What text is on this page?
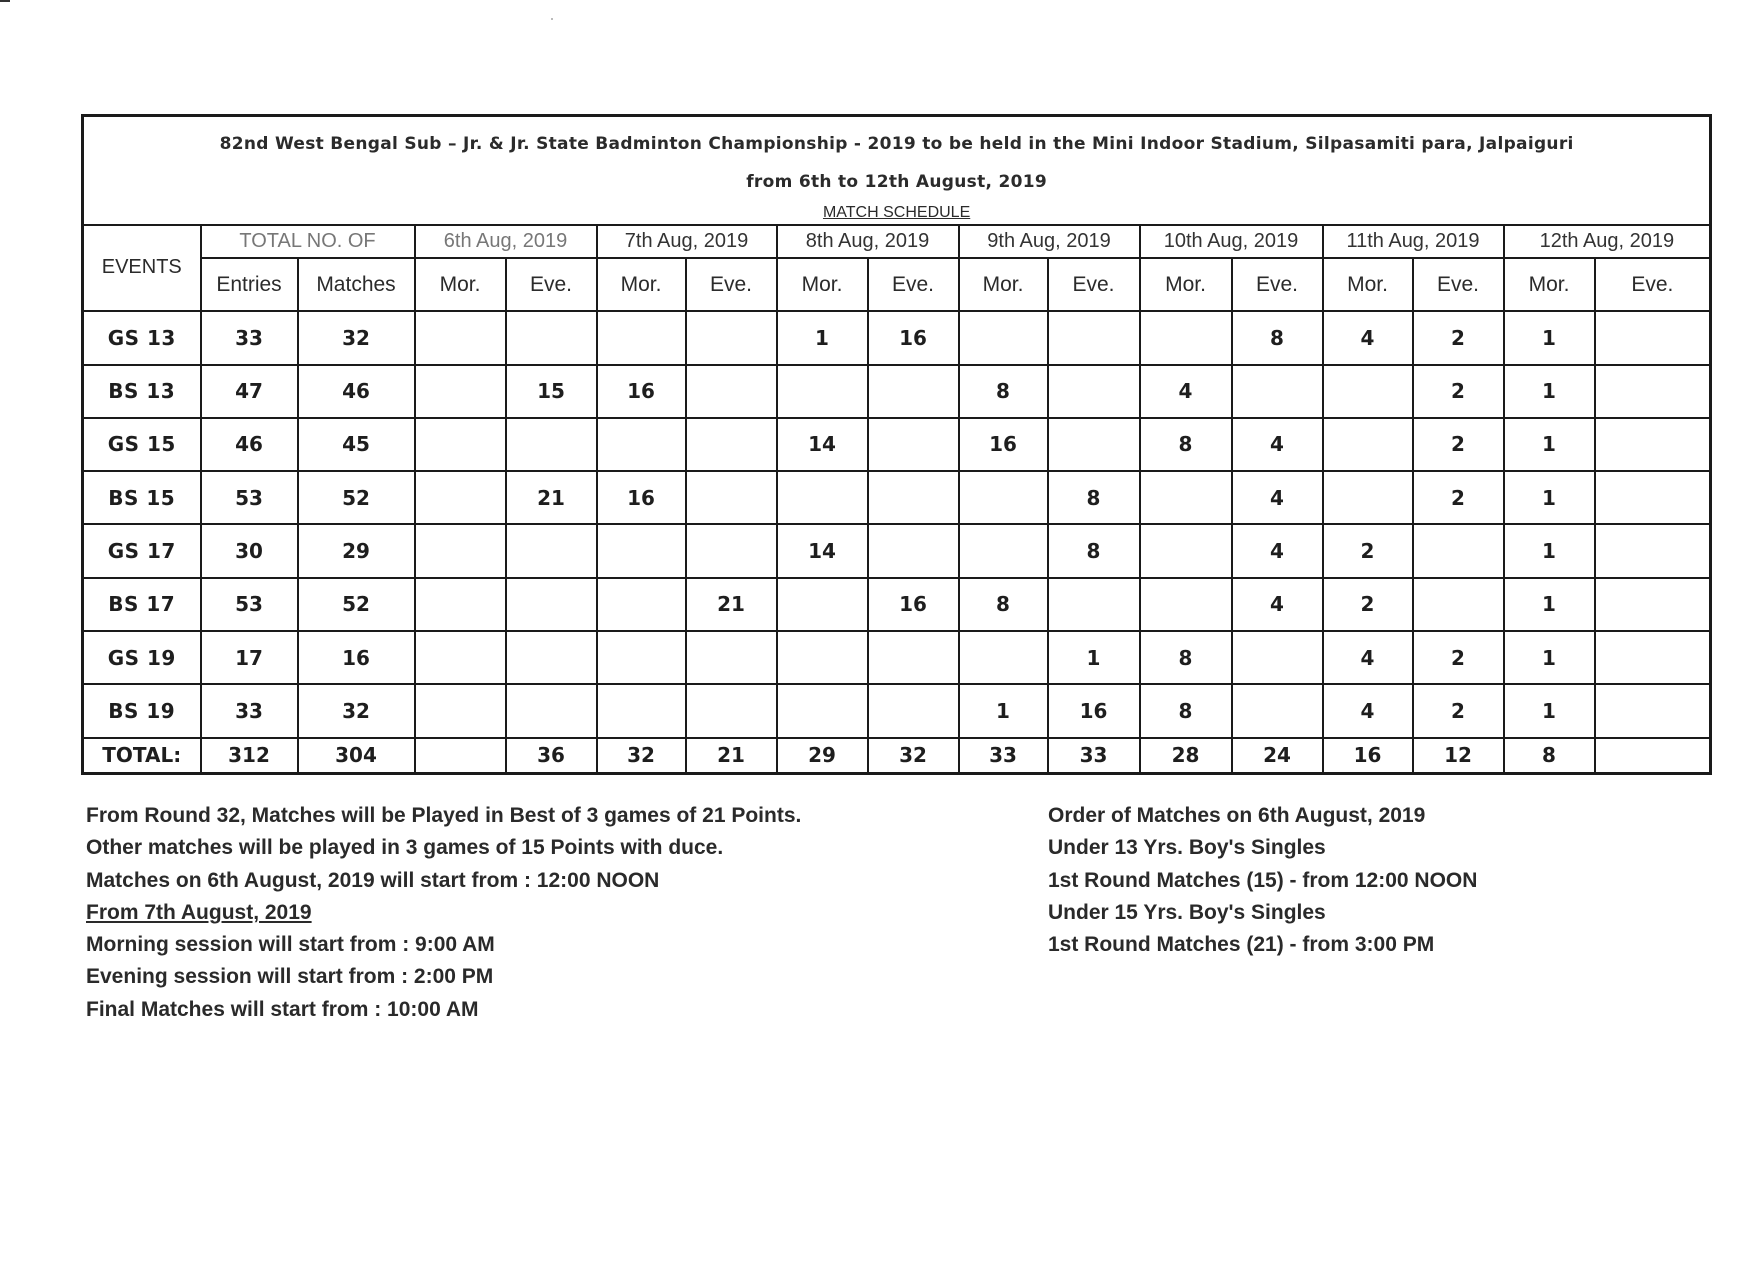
82nd West Bengal Sub – Jr. & Jr. State Badminton Championship - 2019 to be held in the Mini Indoor Stadium, Silpasamiti para, Jalpaiguri
from 6th to 12th August, 2019
MATCH SCHEDULE																

EVENTS	TOTAL NO. OF		6th Aug, 2019		7th Aug, 2019		8th Aug, 2019		9th Aug, 2019		10th Aug, 2019		11th Aug, 2019		12th Aug, 2019	
	Entries	Matches	Mor.	Eve.	Mor.	Eve.	Mor.	Eve.	Mor.	Eve.	Mor.	Eve.	Mor.	Eve.	Mor.	Eve.
GS 13	33	32					1	16				8	4	2	1	
BS 13	47	46		15	16				8		4			2	1	
GS 15	46	45					14		16		8	4		2	1	
BS 15	53	52		21	16					8		4		2	1	
GS 17	30	29					14			8		4	2		1	
BS 17	53	52				21		16	8			4	2		1	
GS 19	17	16								1	8		4	2	1	
BS 19	33	32							1	16	8		4	2	1	
TOTAL:	312	304		36	32	21	29	32	33	33	28	24	16	12	8	
From Round 32, Matches will be Played in Best of 3 games of 21 Points.
Other matches will be played in 3 games of 15 Points with duce.
Matches on 6th August, 2019 will start from : 12:00 NOON
From 7th August, 2019
Morning session will start from : 9:00 AM
Evening session will start from : 2:00 PM
Final Matches will start from : 10:00 AM
Order of Matches on 6th August, 2019
Under 13 Yrs. Boy's Singles
1st Round Matches (15) - from 12:00 NOON
Under 15 Yrs. Boy's Singles
1st Round Matches (21) - from 3:00 PM
